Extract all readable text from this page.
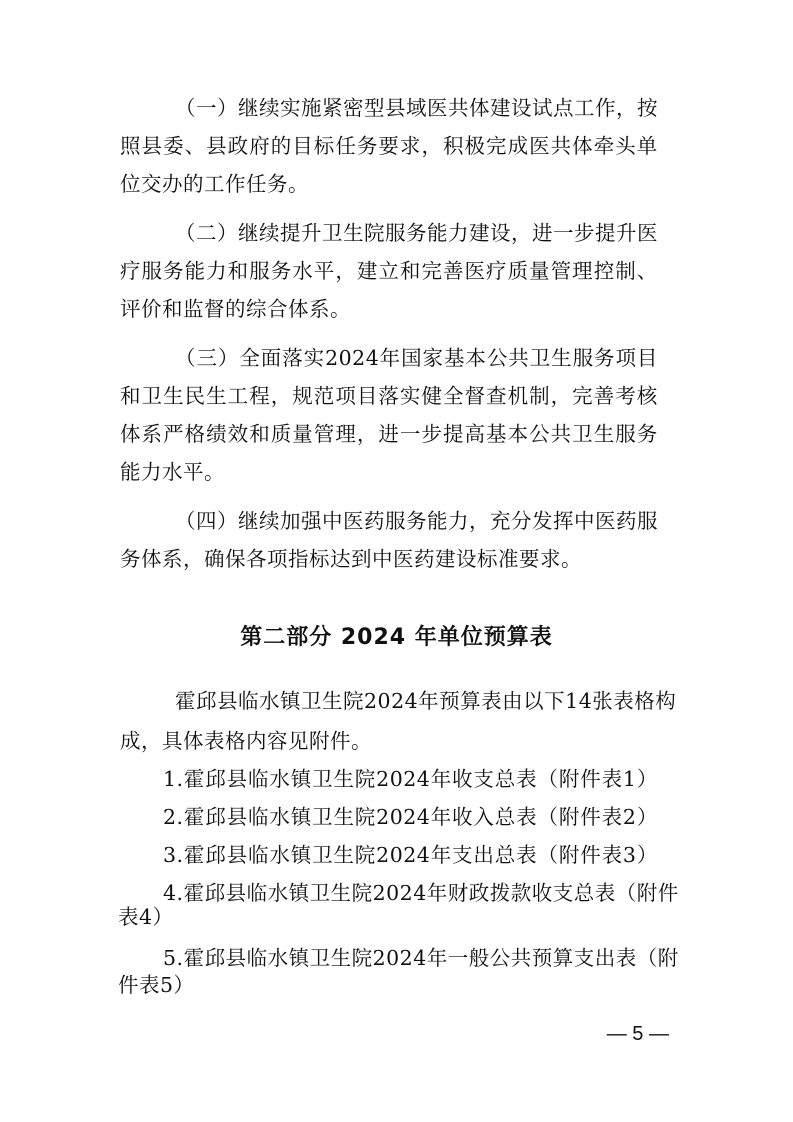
（ 一 ） 继 续 实 施 紧 密 型 县 域 医 共 体 建 设 试 点 工 作 ， 按
照 县 委 、 县 政 府 的 目 标 任 务 要 求 ， 积 极 完 成 医 共 体 牵 头 单
位交办的工作任务。
（ 二 ） 继 续 提 升 卫 生 院 服 务 能 力 建 设 ， 进 一 步 提 升 医
疗 服 务 能 力 和 服 务 水 平 ， 建 立 和 完 善 医 疗 质 量 管 理 控 制 、
评价和监督的综合体系。
（ 三 ） 全 面 落 实 2024 年 国 家 基 本 公 共 卫 生 服 务 项 目
和 卫 生 民 生 工 程 ， 规 范 项 目 落 实 健 全 督 查 机 制 ， 完 善 考 核
体 系 严 格 绩 效 和 质 量 管 理 ， 进 一 步 提 高 基 本 公 共 卫 生 服 务
能力水平。
（ 四 ） 继 续 加 强 中 医 药 服 务 能 力 ， 充 分 发 挥 中 医 药 服
务体系，确保各项指标达到中医药建设标准要求。
第二部分 2024 年单位预算表
霍 邱 县 临 水 镇 卫 生 院 2024 年 预 算 表 由 以 下 14 张 表 格 构
成，具体表格内容见附件。
1. 霍 邱 县 临 水 镇 卫 生 院 2024 年 收 支 总 表 （ 附 件 表 1 ）
2. 霍 邱 县 临 水 镇 卫 生 院 2024 年 收 入 总 表 （ 附 件 表 2 ）
3. 霍 邱 县 临 水 镇 卫 生 院 2024 年 支 出 总 表 （ 附 件 表 3 ）
4. 霍 邱 县 临 水 镇 卫 生 院 2024 年 财 政 拨 款 收 支 总 表 （ 附 件
表4）
5. 霍 邱 县 临 水 镇 卫 生 院 2024 年 一 般 公 共 预 算 支 出 表 （ 附
件表5）
— 5 —
